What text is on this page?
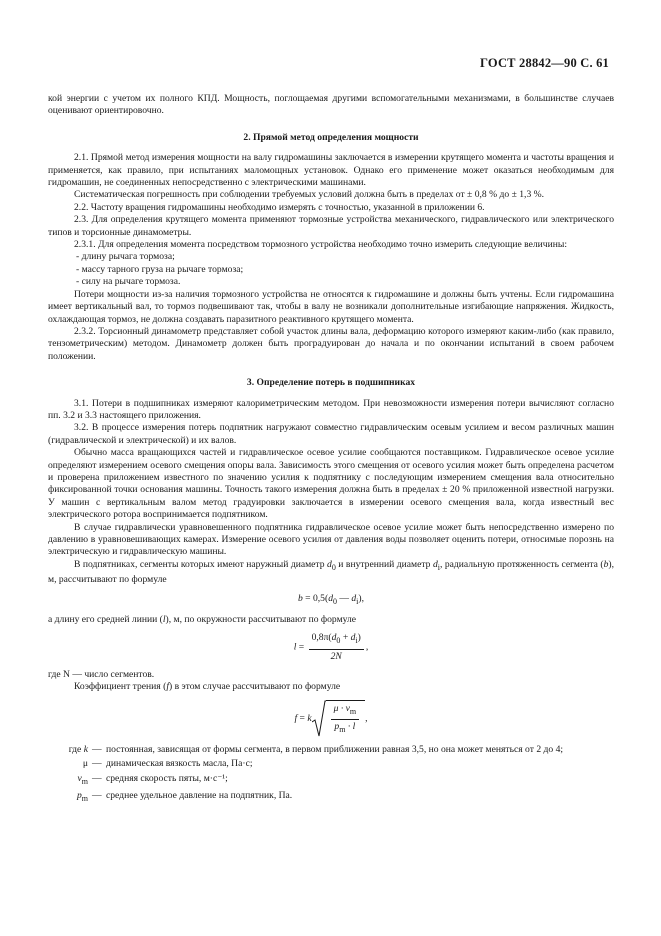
ГОСТ 28842—90 С. 61

кой энергии с учетом их полного КПД. Мощность, поглощаемая другими вспомогательными механизмами, в большинстве случаев оценивают ориентировочно.

2. Прямой метод определения мощности

2.1. Прямой метод измерения мощности на валу гидромашины заключается в измерении крутящего момента и частоты вращения и применяется, как правило, при испытаниях маломощных установок. Однако его применение может оказаться необходимым для гидромашин, не соединенных непосредственно с электрическими машинами.

Систематическая погрешность при соблюдении требуемых условий должна быть в пределах от ± 0,8 % до ± 1,3 %.

2.2. Частоту вращения гидромашины необходимо измерять с точностью, указанной в приложении 6.

2.3. Для определения крутящего момента применяют тормозные устройства механического, гидравлического или электрического типов и торсионные динамометры.

2.3.1. Для определения момента посредством тормозного устройства необходимо точно измерить следующие величины:

- длину рычага тормоза;

- массу тарного груза на рычаге тормоза;

- силу на рычаге тормоза.

Потери мощности из-за наличия тормозного устройства не относятся к гидромашине и должны быть учтены. Если гидромашина имеет вертикальный вал, то тормоз подвешивают так, чтобы в валу не возникали дополнительные изгибающие напряжения. Жидкость, охлаждающая тормоз, не должна создавать паразитного реактивного крутящего момента.

2.3.2. Торсионный динамометр представляет собой участок длины вала, деформацию которого измеряют каким-либо (как правило, тензометрическим) методом. Динамометр должен быть проградуирован до начала и по окончании испытаний в своем рабочем положении.

3. Определение потерь в подшипниках

3.1. Потери в подшипниках измеряют калориметрическим методом. При невозможности измерения потери вычисляют согласно пп. 3.2 и 3.3 настоящего приложения.

3.2. В процессе измерения потерь подпятник нагружают совместно гидравлическим осевым усилием и весом различных машин (гидравлической и электрической) и их валов.

Обычно масса вращающихся частей и гидравлическое осевое усилие сообщаются поставщиком. Гидравлическое осевое усилие определяют измерением осевого смещения опоры вала. Зависимость этого смещения от осевого усилия может быть определена расчетом и проверена приложением известного по значению усилия к подпятнику с последующим измерением смещения вала относительно фиксированной точки основания машины. Точность такого измерения должна быть в пределах ± 20 % приложенной известной нагрузки. У машин с вертикальным валом метод градуировки заключается в измерении осевого смещения вала, когда известный вес электрического ротора воспринимается подпятником.

В случае гидравлически уравновешенного подпятника гидравлическое осевое усилие может быть непосредственно измерено по давлению в уравновешивающих камерах. Измерение осевого усилия от давления воды позволяет оценить потери, относимые порознь на электрическую и гидравлическую машины.

В подпятниках, сегменты которых имеют наружный диаметр $d_0$ и внутренний диаметр $d_i$, радиальную протяженность сегмента (b), м, рассчитывают по формуле

$b = 0,5(d_0$ — $d_i$),

а длину его средней линии (l), м, по окружности рассчитывают по формуле

$l = \frac{0,8\pi(d_0 + d_i)}{2N}$ ,

где N — число сегментов.

Коэффициент трения (f) в этом случае рассчитывают по формуле

f = k $\frac{\mu \cdot v_m}{p_m \cdot l}$ ,
где k	—	постоянная, зависящая от формы сегмента, в первом приближении равная 3,5, но она может меняться от 2 до 4;
μ	—	динамическая вязкость масла, Па·с;
$v_m$	—	средняя скорость пяты, м·с⁻¹;
$p_m$	—	среднее удельное давление на подпятник, Па.
